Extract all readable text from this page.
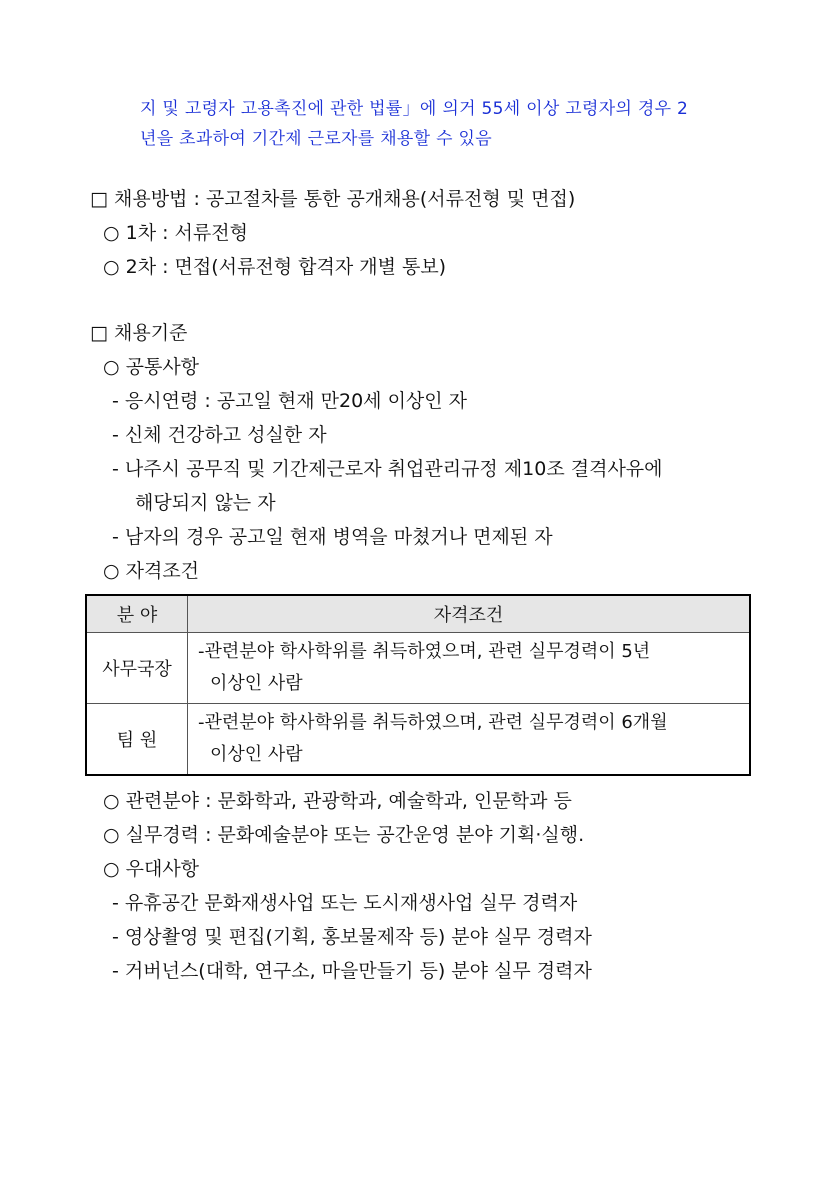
지 및 고령자 고용촉진에 관한 법률」에 의거 55세 이상 고령자의 경우 2
년을 초과하여 기간제 근로자를 채용할 수 있음
□ 채용방법 : 공고절차를 통한 공개채용(서류전형 및 면접)
○ 1차 : 서류전형
○ 2차 : 면접(서류전형 합격자 개별 통보)
□ 채용기준
○ 공통사항
- 응시연령 : 공고일 현재 만20세 이상인 자
- 신체 건강하고 성실한 자
- 나주시 공무직 및 기간제근로자 취업관리규정 제10조 결격사유에
해당되지 않는 자
- 남자의 경우 공고일 현재 병역을 마쳤거나 면제된 자
○ 자격조건
분 야	자격조건
사무국장	-관련분야 학사학위를 취득하였으며, 관련 실무경력이 5년
이상인 사람

팀 원	-관련분야 학사학위를 취득하였으며, 관련 실무경력이 6개월
이상인 사람
○ 관련분야 : 문화학과, 관광학과, 예술학과, 인문학과 등
○ 실무경력 : 문화예술분야 또는 공간운영 분야 기획·실행.
○ 우대사항
- 유휴공간 문화재생사업 또는 도시재생사업 실무 경력자
- 영상촬영 및 편집(기획, 홍보물제작 등) 분야 실무 경력자
- 거버넌스(대학, 연구소, 마을만들기 등) 분야 실무 경력자
